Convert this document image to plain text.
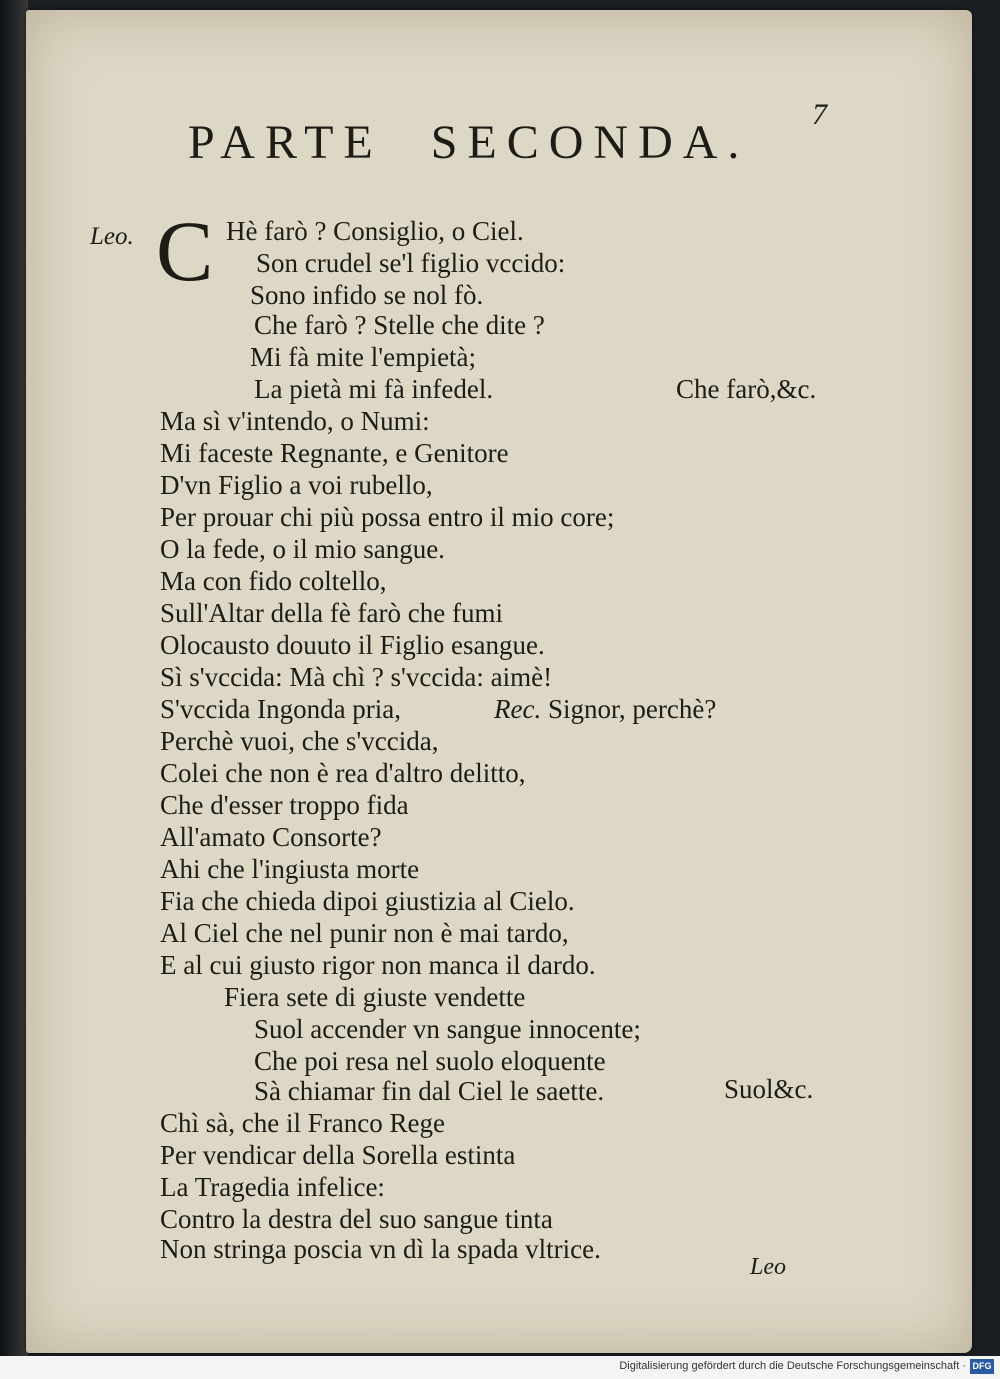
7
PARTE SECONDA.
Leo. C Hè farò ? Consiglio, o Ciel.
Son crudel se'l figlio vccido:
Sono infido se nol fò.
Che farò ? Stelle che dite ?
Mi fà mite l'empietà;
La pietà mi fà infedel.	Che farò,&c.
Ma sì v'intendo, o Numi:
Mi faceste Regnante, e Genitore
D'vn Figlio a voi rubello,
Per prouar chi più possa entro il mio core;
O la fede, o il mio sangue.
Ma con fido coltello,
Sull'Altar della fè farò che fumi
Olocausto douuto il Figlio esangue.
Sì s'vccida: Mà chì ? s'vccida: aimè!
S'vccida Ingonda pria,	Rec. Signor, perchè?
Perchè vuoi, che s'vccida,
Colei che non è rea d'altro delitto,
Che d'esser troppo fida
All'amato Consorte?
Ahi che l'ingiusta morte
Fia che chieda dipoi giustizia al Cielo.
Al Ciel che nel punir non è mai tardo,
E al cui giusto rigor non manca il dardo.
Fiera sete di giuste vendette
Suol accender vn sangue innocente;
Che poi resa nel suolo eloquente
Sà chiamar fin dal Ciel le saette.	Suol&c.
Chì sà, che il Franco Rege
Per vendicar della Sorella estinta
La Tragedia infelice:
Contro la destra del suo sangue tinta
Non stringa poscia vn dì la spada vltrice.
Leo
Digitalisierung gefördert durch die Deutsche Forschungsgemeinschaft · DFG
